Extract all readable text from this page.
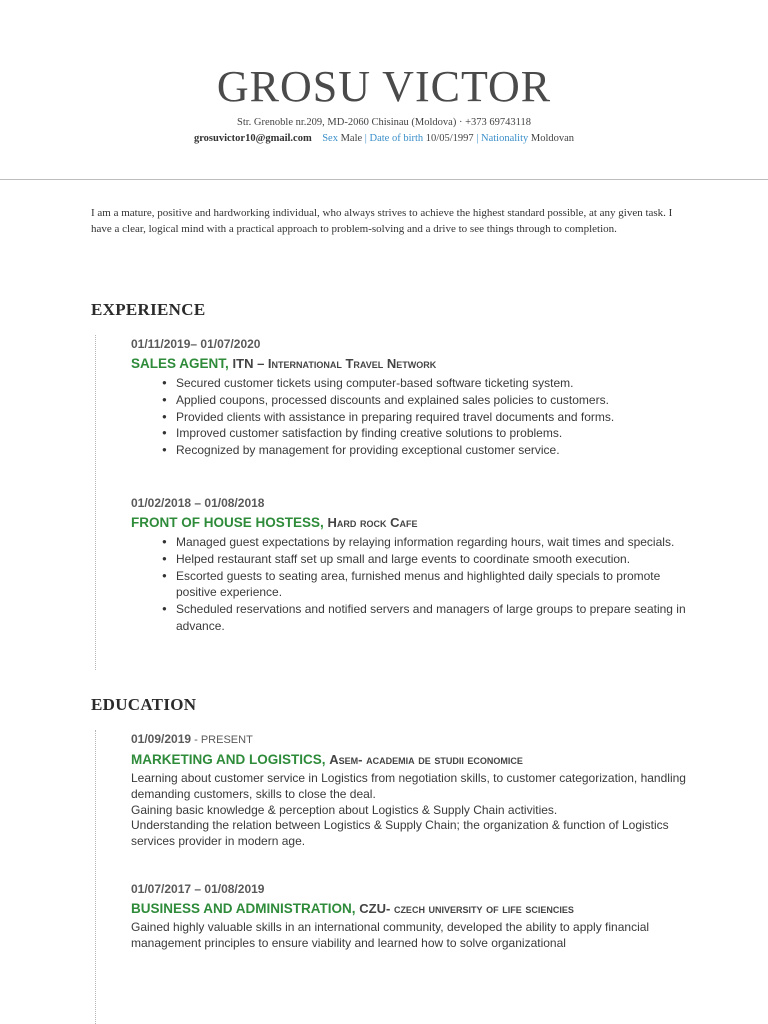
GROSU VICTOR
Str. Grenoble nr.209, MD-2060 Chisinau (Moldova) · +373 69743118
grosuvictor10@gmail.com Sex Male | Date of birth 10/05/1997 | Nationality Moldovan
I am a mature, positive and hardworking individual, who always strives to achieve the highest standard possible, at any given task. I have a clear, logical mind with a practical approach to problem-solving and a drive to see things through to completion.
EXPERIENCE
01/11/2019– 01/07/2020
SALES AGENT, ITN – International Travel Network
● Secured customer tickets using computer-based software ticketing system.
● Applied coupons, processed discounts and explained sales policies to customers.
● Provided clients with assistance in preparing required travel documents and forms.
● Improved customer satisfaction by finding creative solutions to problems.
● Recognized by management for providing exceptional customer service.
01/02/2018 – 01/08/2018
FRONT OF HOUSE HOSTESS, Hard rock Cafe
● Managed guest expectations by relaying information regarding hours, wait times and specials.
● Helped restaurant staff set up small and large events to coordinate smooth execution.
● Escorted guests to seating area, furnished menus and highlighted daily specials to promote positive experience.
● Scheduled reservations and notified servers and managers of large groups to prepare seating in advance.
EDUCATION
01/09/2019 - PRESENT
MARKETING AND LOGISTICS, Asem- academia de studii economice
Learning about customer service in Logistics from negotiation skills, to customer categorization, handling demanding customers, skills to close the deal.
Gaining basic knowledge & perception about Logistics & Supply Chain activities.
Understanding the relation between Logistics & Supply Chain; the organization & function of Logistics services provider in modern age.
01/07/2017 – 01/08/2019
BUSINESS AND ADMINISTRATION, CZU- czech university of life sciencies
Gained highly valuable skills in an international community, developed the ability to apply financial management principles to ensure viability and learned how to solve organizational
